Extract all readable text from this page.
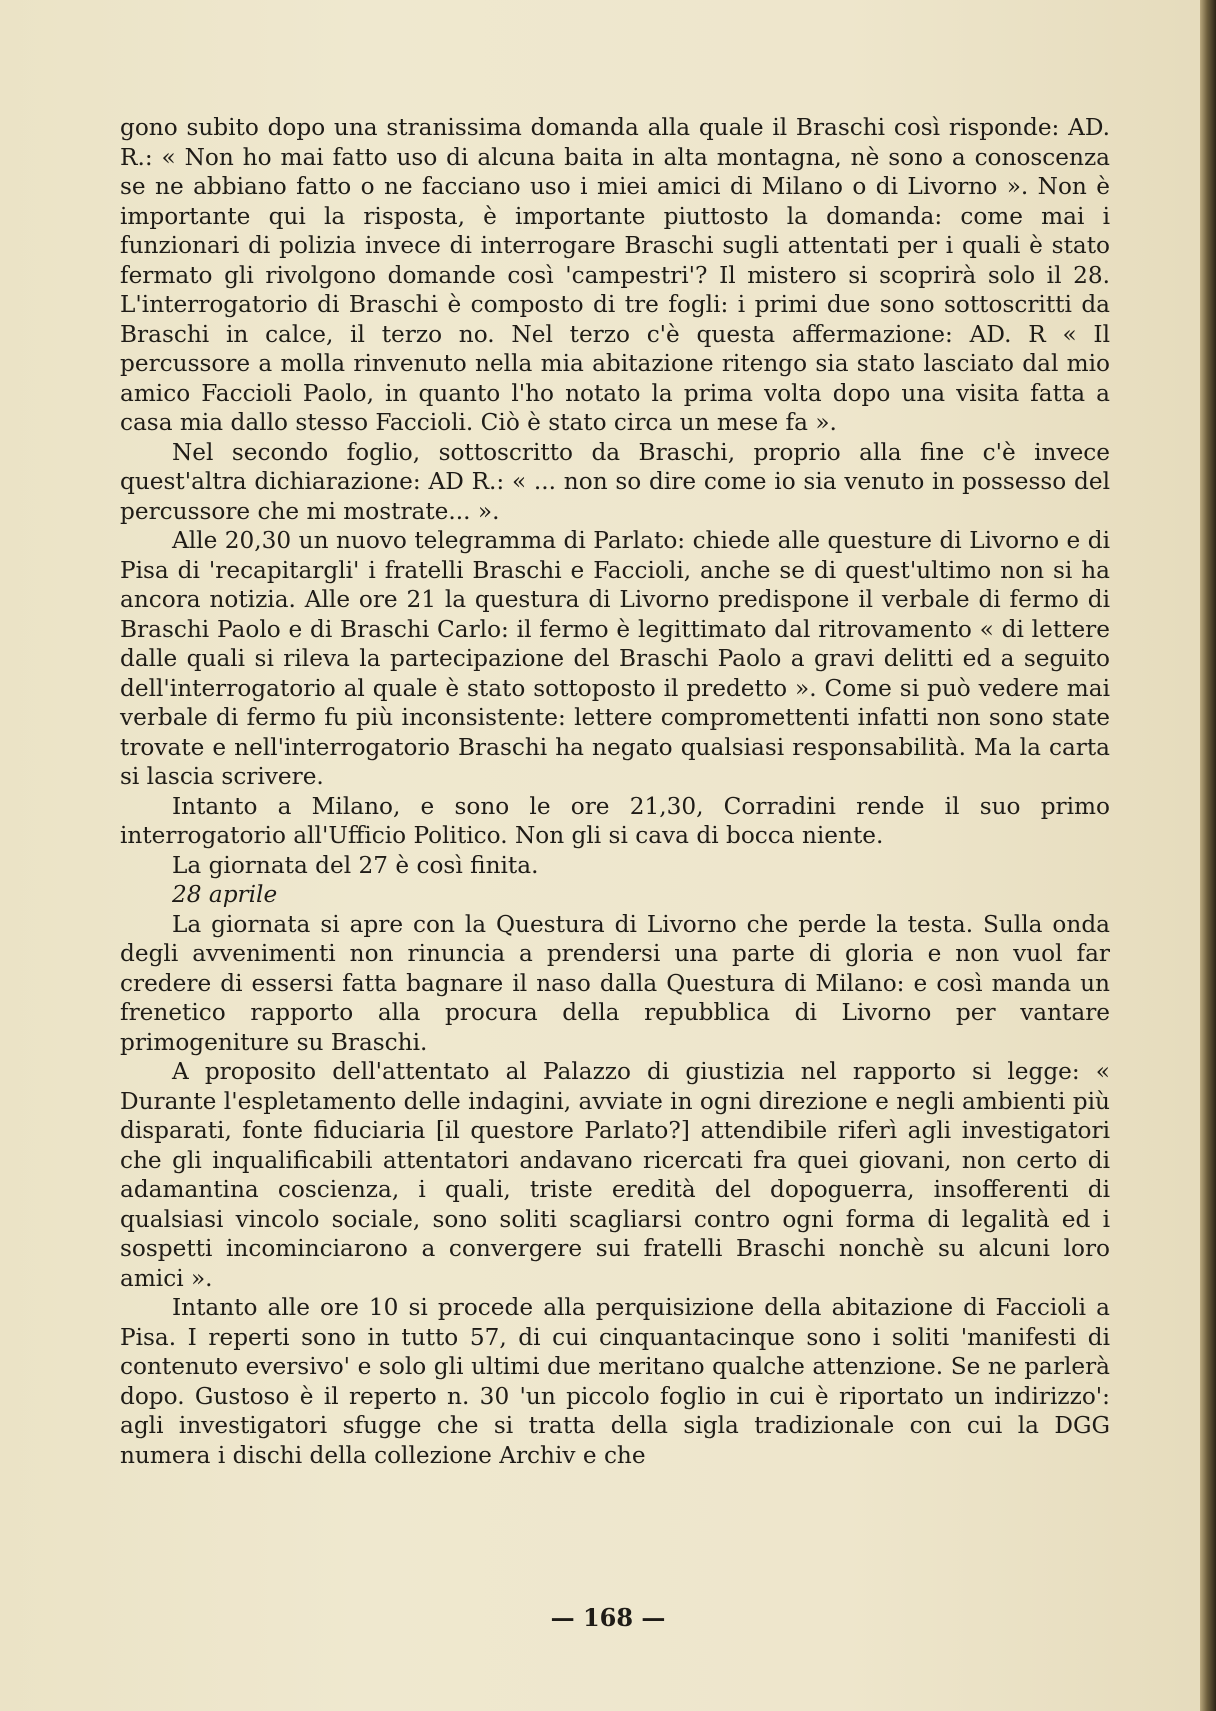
gono subito dopo una stranissima domanda alla quale il Braschi così risponde: AD. R.: « Non ho mai fatto uso di alcuna baita in alta montagna, nè sono a conoscenza se ne abbiano fatto o ne facciano uso i miei amici di Milano o di Livorno ». Non è importante qui la risposta, è importante piuttosto la domanda: come mai i funzionari di polizia invece di interrogare Braschi sugli attentati per i quali è stato fermato gli rivolgono domande così 'campestri'? Il mistero si scoprirà solo il 28. L'interrogatorio di Braschi è composto di tre fogli: i primi due sono sottoscritti da Braschi in calce, il terzo no. Nel terzo c'è questa affermazione: AD. R « Il percussore a molla rinvenuto nella mia abitazione ritengo sia stato lasciato dal mio amico Faccioli Paolo, in quanto l'ho notato la prima volta dopo una visita fatta a casa mia dallo stesso Faccioli. Ciò è stato circa un mese fa ».

Nel secondo foglio, sottoscritto da Braschi, proprio alla fine c'è invece quest'altra dichiarazione: AD R.: « ... non so dire come io sia venuto in possesso del percussore che mi mostrate... ».

Alle 20,30 un nuovo telegramma di Parlato: chiede alle questure di Livorno e di Pisa di 'recapitargli' i fratelli Braschi e Faccioli, anche se di quest'ultimo non si ha ancora notizia. Alle ore 21 la questura di Livorno predispone il verbale di fermo di Braschi Paolo e di Braschi Carlo: il fermo è legittimato dal ritrovamento « di lettere dalle quali si rileva la partecipazione del Braschi Paolo a gravi delitti ed a seguito dell'interrogatorio al quale è stato sottoposto il predetto ». Come si può vedere mai verbale di fermo fu più inconsistente: lettere compromettenti infatti non sono state trovate e nell'interrogatorio Braschi ha negato qualsiasi responsabilità. Ma la carta si lascia scrivere.

Intanto a Milano, e sono le ore 21,30, Corradini rende il suo primo interrogatorio all'Ufficio Politico. Non gli si cava di bocca niente.

La giornata del 27 è così finita.

28 aprile

La giornata si apre con la Questura di Livorno che perde la testa. Sulla onda degli avvenimenti non rinuncia a prendersi una parte di gloria e non vuol far credere di essersi fatta bagnare il naso dalla Questura di Milano: e così manda un frenetico rapporto alla procura della repubblica di Livorno per vantare primogeniture su Braschi.

A proposito dell'attentato al Palazzo di giustizia nel rapporto si legge: « Durante l'espletamento delle indagini, avviate in ogni direzione e negli ambienti più disparati, fonte fiduciaria [il questore Parlato?] attendibile riferì agli investigatori che gli inqualificabili attentatori andavano ricercati fra quei giovani, non certo di adamantina coscienza, i quali, triste eredità del dopoguerra, insofferenti di qualsiasi vincolo sociale, sono soliti scagliarsi contro ogni forma di legalità ed i sospetti incominciarono a convergere sui fratelli Braschi nonchè su alcuni loro amici ».

Intanto alle ore 10 si procede alla perquisizione della abitazione di Faccioli a Pisa. I reperti sono in tutto 57, di cui cinquantacinque sono i soliti 'manifesti di contenuto eversivo' e solo gli ultimi due meritano qualche attenzione. Se ne parlerà dopo. Gustoso è il reperto n. 30 'un piccolo foglio in cui è riportato un indirizzo': agli investigatori sfugge che si tratta della sigla tradizionale con cui la DGG numera i dischi della collezione Archiv e che

— 168 —
